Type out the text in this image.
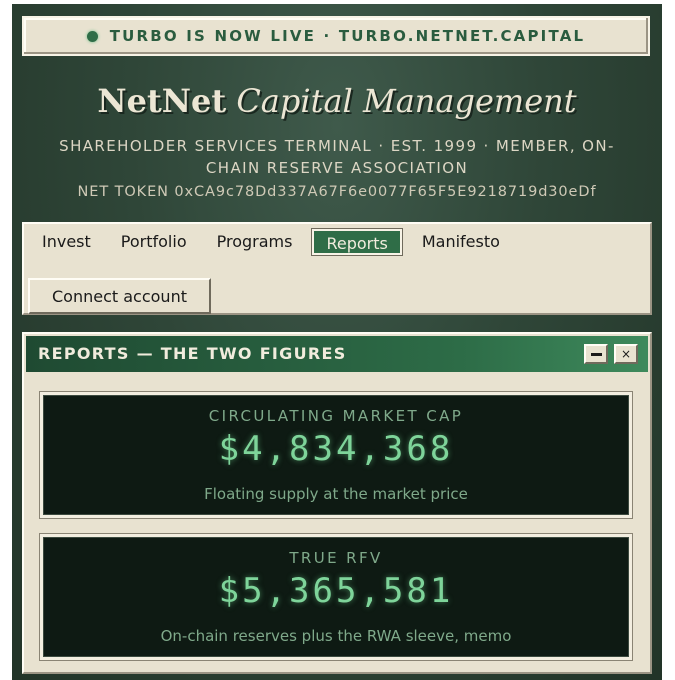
TURBO IS NOW LIVE · TURBO.NETNET.CAPITAL
NetNet Capital Management
SHAREHOLDER SERVICES TERMINAL · EST. 1999 · MEMBER, ON-CHAIN RESERVE ASSOCIATION
NET TOKEN 0xCA9c78Dd337A67F6e0077F65F5E9218719d30eDf
Invest	Portfolio	Programs	Reports	Manifesto
Connect account
REPORTS — THE TWO FIGURES	×
CIRCULATING MARKET CAP
$4,834,368
Floating supply at the market price
TRUE RFV
$5,365,581
On-chain reserves plus the RWA sleeve, memo
